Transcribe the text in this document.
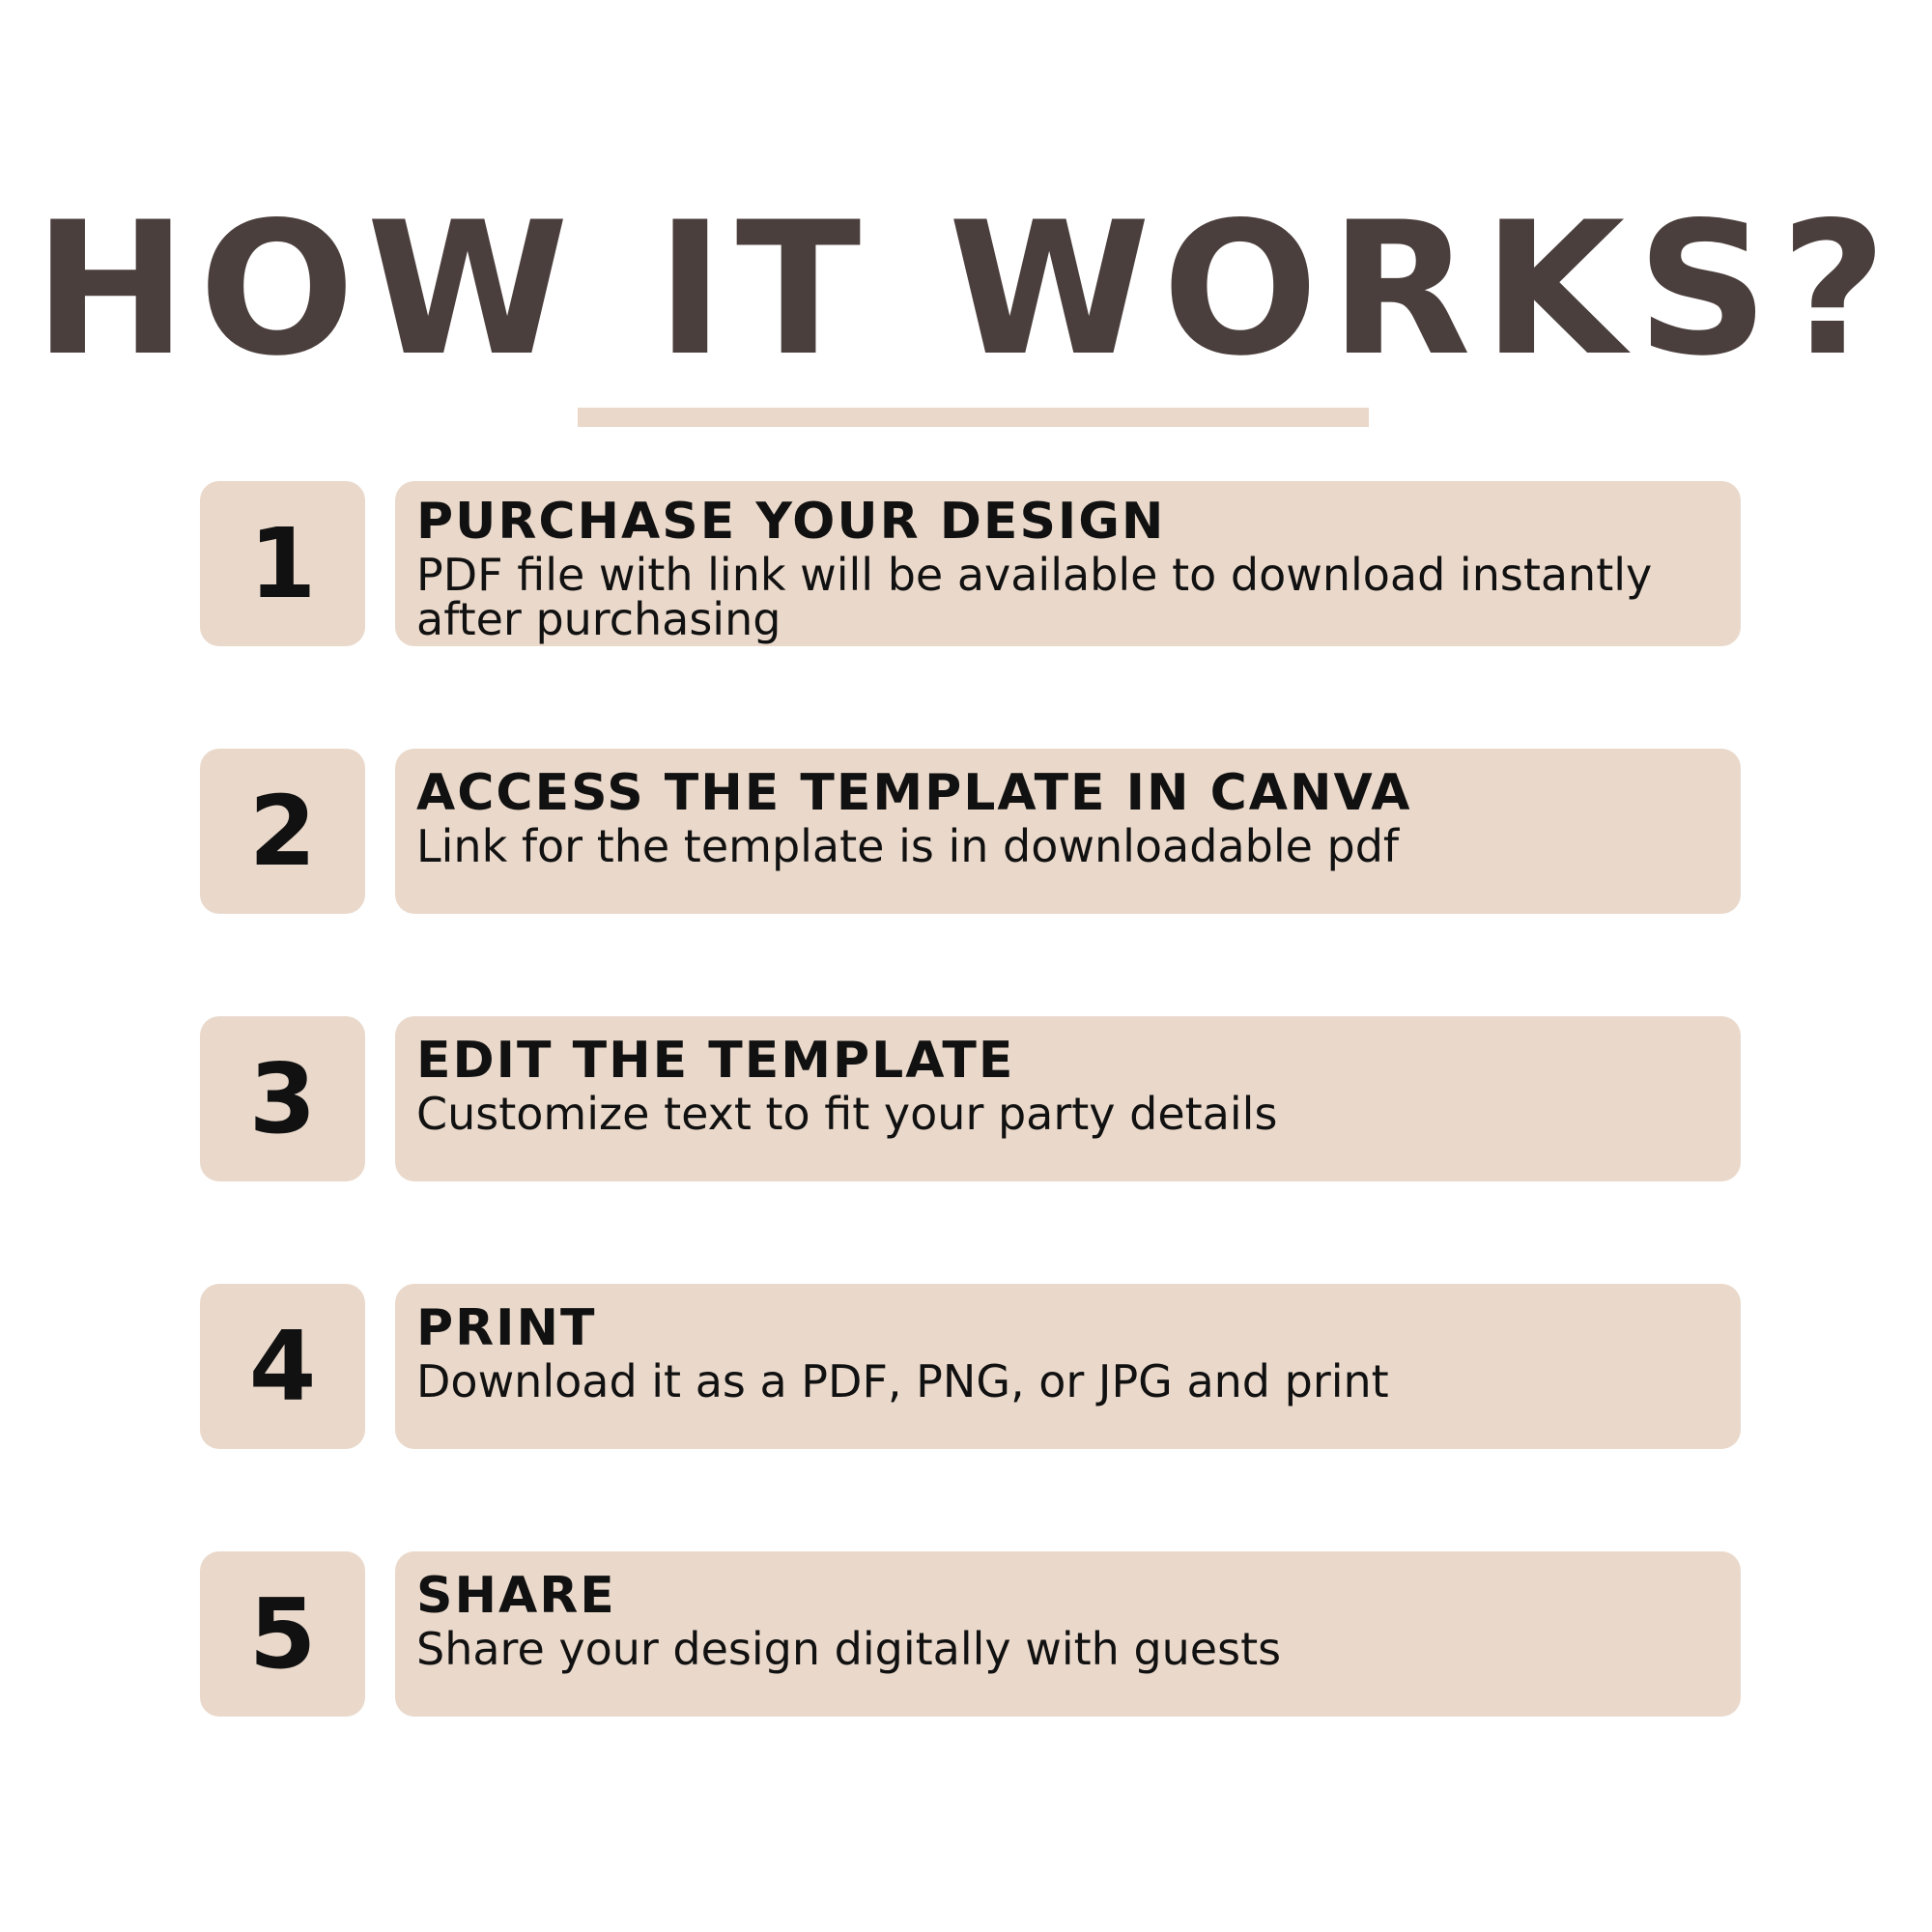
HOW IT WORKS?
1 PURCHASE YOUR DESIGN
PDF file with link will be available to download instantly after purchasing
2 ACCESS THE TEMPLATE IN CANVA
Link for the template is in downloadable pdf
3 EDIT THE TEMPLATE
Customize text to fit your party details
4 PRINT
Download it as a PDF, PNG, or JPG and print
5 SHARE
Share your design digitally with guests
